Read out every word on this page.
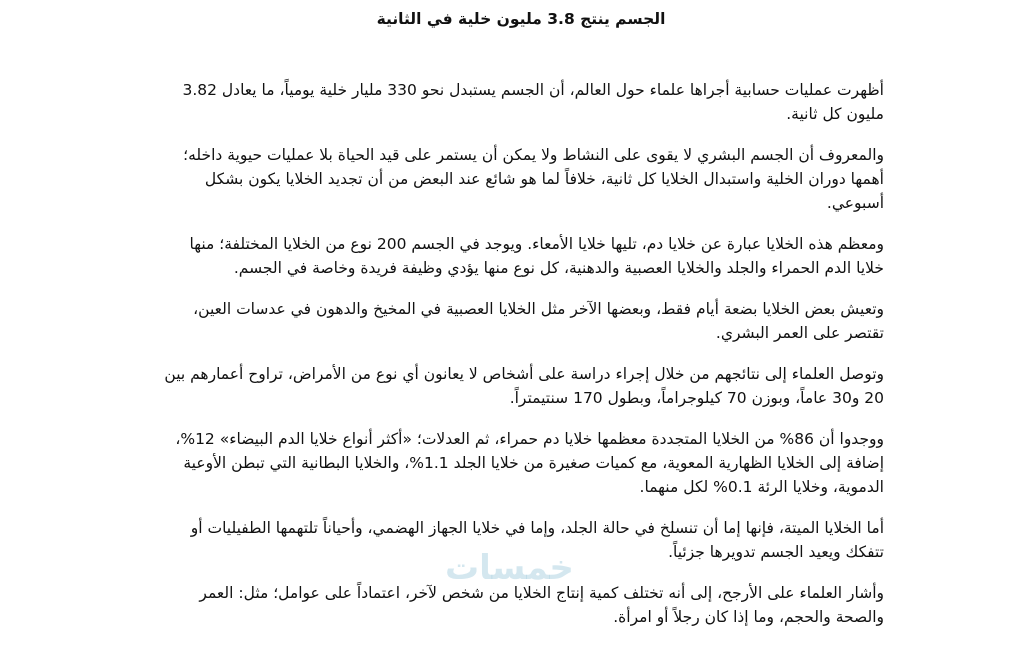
الجسم ينتج 3.8 مليون خلية في الثانية

أظهرت عمليات حسابية أجراها علماء حول العالم، أن الجسم يستبدل نحو 330 مليار خلية يومياً، ما يعادل 3.82 مليون كل ثانية.

والمعروف أن الجسم البشري لا يقوى على النشاط ولا يمكن أن يستمر على قيد الحياة بلا عمليات حيوية داخله؛ أهمها دوران الخلية واستبدال الخلايا كل ثانية، خلافاً لما هو شائع عند البعض من أن تجديد الخلايا يكون بشكل أسبوعي.

ومعظم هذه الخلايا عبارة عن خلايا دم، تليها خلايا الأمعاء. ويوجد في الجسم 200 نوع من الخلايا المختلفة؛ منها خلايا الدم الحمراء والجلد والخلايا العصبية والدهنية، كل نوع منها يؤدي وظيفة فريدة وخاصة في الجسم.

وتعيش بعض الخلايا بضعة أيام فقط، وبعضها الآخر مثل الخلايا العصبية في المخيخ والدهون في عدسات العين، تقتصر على العمر البشري.

وتوصل العلماء إلى نتائجهم من خلال إجراء دراسة على أشخاص لا يعانون أي نوع من الأمراض، تراوح أعمارهم بين 20 و30 عاماً، وبوزن 70 كيلوجراماً، وبطول 170 سنتيمتراً.

ووجدوا أن 86% من الخلايا المتجددة معظمها خلايا دم حمراء، ثم العدلات؛ «أكثر أنواع خلايا الدم البيضاء» 12%، إضافة إلى الخلايا الظهارية المعوية، مع كميات صغيرة من خلايا الجلد 1.1%، والخلايا البطانية التي تبطن الأوعية الدموية، وخلايا الرئة 0.1% لكل منهما.

أما الخلايا الميتة، فإنها إما أن تنسلخ في حالة الجلد، وإما في خلايا الجهاز الهضمي، وأحياناً تلتهمها الطفيليات أو تتفكك ويعيد الجسم تدويرها جزئياً.

وأشار العلماء على الأرجح، إلى أنه تختلف كمية إنتاج الخلايا من شخص لآخر، اعتماداً على عوامل؛ مثل: العمر والصحة والحجم، وما إذا كان رجلاً أو امرأة.

خمسات
